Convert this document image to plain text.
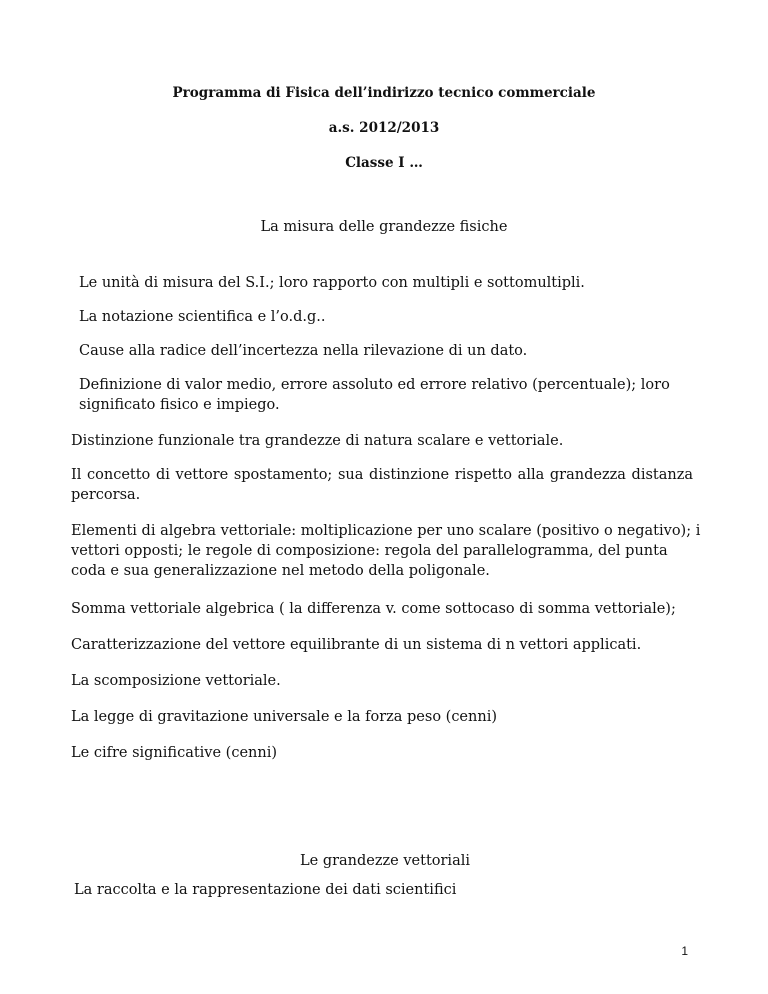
Programma di Fisica dell’indirizzo tecnico commerciale
a.s. 2012/2013
Classe I …
La misura delle grandezze fisiche
Le unità di misura del S.I.; loro rapporto con multipli e sottomultipli.
La notazione scientifica e l’o.d.g..
Cause alla radice dell’incertezza nella rilevazione di un dato.
Definizione di valor medio, errore assoluto ed errore relativo (percentuale); loro significato fisico e impiego.
Distinzione funzionale tra grandezze di natura scalare e vettoriale.
Il concetto di vettore spostamento; sua distinzione rispetto alla grandezza distanza percorsa.
Elementi di algebra vettoriale: moltiplicazione per uno scalare (positivo o negativo); i vettori opposti; le regole di composizione: regola del parallelogramma, del punta coda e sua generalizzazione nel metodo della poligonale.
Somma vettoriale algebrica ( la differenza v. come sottocaso di somma vettoriale);
Caratterizzazione del vettore equilibrante di un sistema di n vettori applicati.
La scomposizione vettoriale.
La legge di gravitazione universale e la forza peso (cenni)
Le cifre significative (cenni)
Le grandezze vettoriali
La raccolta e la rappresentazione dei dati scientifici
1
